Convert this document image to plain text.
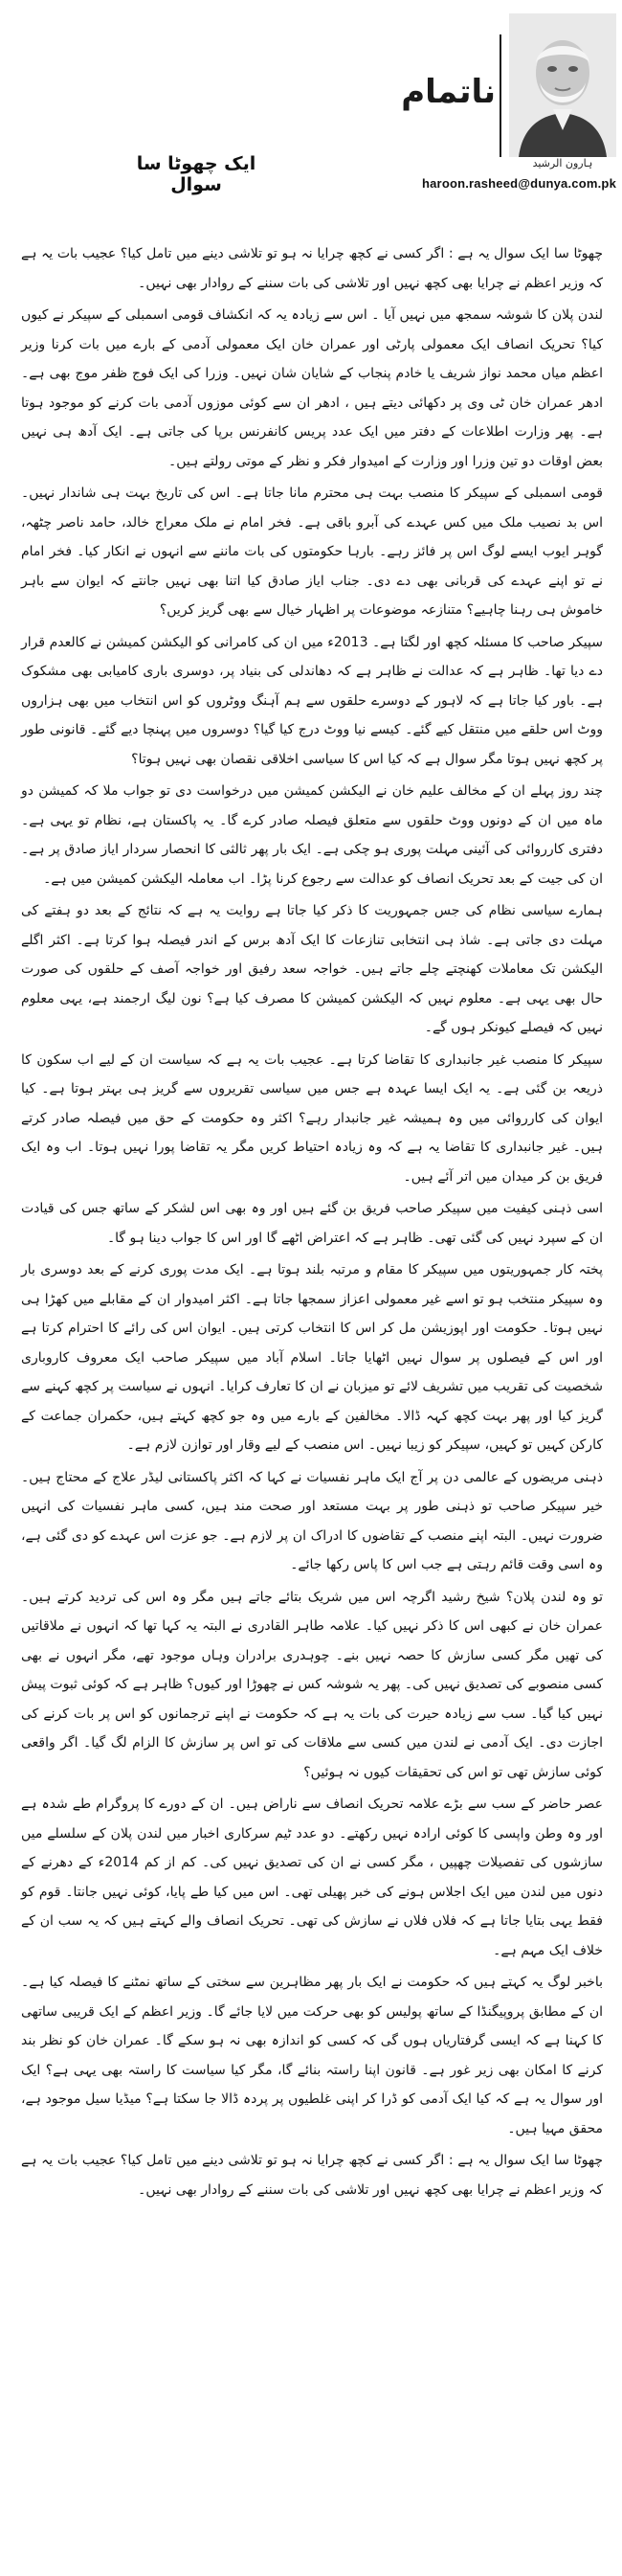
ناتمام
ہارون الرشید
haroon.rasheed@dunya.com.pk
ایک چھوٹا سا سوال

چھوٹا سا ایک سوال یہ ہے : اگر کسی نے کچھ چرایا نہ ہو تو تلاشی دینے میں تامل کیا؟ عجیب بات یہ ہے کہ وزیر اعظم نے چرایا بھی کچھ نہیں اور تلاشی کی بات سننے کے روادار بھی نہیں۔

لندن پلان کا شوشہ سمجھ میں نہیں آیا ۔ اس سے زیادہ یہ کہ انکشاف قومی اسمبلی کے سپیکر نے کیوں کیا؟ تحریک انصاف ایک معمولی پارٹی اور عمران خان ایک معمولی آدمی کے بارے میں بات کرنا وزیر اعظم میاں محمد نواز شریف یا خادم پنجاب کے شایان شان نہیں۔ وزرا کی ایک فوج ظفر موج بھی ہے۔ ادھر عمران خان ٹی وی پر دکھائی دیتے ہیں ، ادھر ان سے کوئی موزوں آدمی بات کرنے کو موجود ہوتا ہے۔ پھر وزارت اطلاعات کے دفتر میں ایک عدد پریس کانفرنس برپا کی جاتی ہے۔ ایک آدھ ہی نہیں بعض اوقات دو تین وزرا اور وزارت کے امیدوار فکر و نظر کے موتی رولتے ہیں۔

قومی اسمبلی کے سپیکر کا منصب بہت ہی محترم مانا جاتا ہے۔ اس کی تاریخ بہت ہی شاندار نہیں۔ اس بد نصیب ملک میں کس عہدے کی آبرو باقی ہے۔ فخر امام نے ملک معراج خالد، حامد ناصر چٹھہ، گوہر ایوب ایسے لوگ اس پر فائز رہے۔ بارہا حکومتوں کی بات ماننے سے انہوں نے انکار کیا۔ فخر امام نے تو اپنے عہدے کی قربانی بھی دے دی۔ جناب ایاز صادق کیا اتنا بھی نہیں جانتے کہ ایوان سے باہر خاموش ہی رہنا چاہیے؟ متنازعہ موضوعات پر اظہار خیال سے بھی گریز کریں؟

سپیکر صاحب کا مسئلہ کچھ اور لگتا ہے۔ 2013ء میں ان کی کامرانی کو الیکشن کمیشن نے کالعدم قرار دے دیا تھا۔ ظاہر ہے کہ عدالت نے ظاہر ہے کہ دھاندلی کی بنیاد پر، دوسری باری کامیابی بھی مشکوک ہے۔ باور کیا جاتا ہے کہ لاہور کے دوسرے حلقوں سے ہم آہنگ ووٹروں کو اس انتخاب میں بھی ہزاروں ووٹ اس حلقے میں منتقل کیے گئے۔ کیسے نیا ووٹ درج کیا گیا؟ دوسروں میں پہنچا دیے گئے۔ قانونی طور پر کچھ نہیں ہوتا مگر سوال ہے کہ کیا اس کا سیاسی اخلاقی نقصان بھی نہیں ہوتا؟

چند روز پہلے ان کے مخالف علیم خان نے الیکشن کمیشن میں درخواست دی تو جواب ملا کہ کمیشن دو ماہ میں ان کے دونوں ووٹ حلقوں سے متعلق فیصلہ صادر کرے گا۔ یہ پاکستان ہے، نظام تو یہی ہے۔ دفتری کارروائی کی آئینی مہلت پوری ہو چکی ہے۔ ایک بار پھر ثالثی کا انحصار سردار ایاز صادق پر ہے۔ ان کی جیت کے بعد تحریک انصاف کو عدالت سے رجوع کرنا پڑا۔ اب معاملہ الیکشن کمیشن میں ہے۔

ہمارے سیاسی نظام کی جس جمہوریت کا ذکر کیا جاتا ہے روایت یہ ہے کہ نتائج کے بعد دو ہفتے کی مہلت دی جاتی ہے۔ شاذ ہی انتخابی تنازعات کا ایک آدھ برس کے اندر فیصلہ ہوا کرتا ہے۔ اکثر اگلے الیکشن تک معاملات کھنچتے چلے جاتے ہیں۔ خواجہ سعد رفیق اور خواجہ آصف کے حلقوں کی صورت حال بھی یہی ہے۔ معلوم نہیں کہ الیکشن کمیشن کا مصرف کیا ہے؟ نون لیگ ارجمند ہے، یہی معلوم نہیں کہ فیصلے کیونکر ہوں گے۔

سپیکر کا منصب غیر جانبداری کا تقاضا کرتا ہے۔ عجیب بات یہ ہے کہ سیاست ان کے لیے اب سکون کا ذریعہ بن گئی ہے۔ یہ ایک ایسا عہدہ ہے جس میں سیاسی تقریروں سے گریز ہی بہتر ہوتا ہے۔ کیا ایوان کی کارروائی میں وہ ہمیشہ غیر جانبدار رہے؟ اکثر وہ حکومت کے حق میں فیصلہ صادر کرتے ہیں۔ غیر جانبداری کا تقاضا یہ ہے کہ وہ زیادہ احتیاط کریں مگر یہ تقاضا پورا نہیں ہوتا۔ اب وہ ایک فریق بن کر میدان میں اتر آئے ہیں۔

اسی ذہنی کیفیت میں سپیکر صاحب فریق بن گئے ہیں اور وہ بھی اس لشکر کے ساتھ جس کی قیادت ان کے سپرد نہیں کی گئی تھی۔ ظاہر ہے کہ اعتراض اٹھے گا اور اس کا جواب دینا ہو گا۔

پختہ کار جمہوریتوں میں سپیکر کا مقام و مرتبہ بلند ہوتا ہے۔ ایک مدت پوری کرنے کے بعد دوسری بار وہ سپیکر منتخب ہو تو اسے غیر معمولی اعزاز سمجھا جاتا ہے۔ اکثر امیدوار ان کے مقابلے میں کھڑا ہی نہیں ہوتا۔ حکومت اور اپوزیشن مل کر اس کا انتخاب کرتی ہیں۔ ایوان اس کی رائے کا احترام کرتا ہے اور اس کے فیصلوں پر سوال نہیں اٹھایا جاتا۔ اسلام آباد میں سپیکر صاحب ایک معروف کاروباری شخصیت کی تقریب میں تشریف لائے تو میزبان نے ان کا تعارف کرایا۔ انہوں نے سیاست پر کچھ کہنے سے گریز کیا اور پھر بہت کچھ کہہ ڈالا۔ مخالفین کے بارے میں وہ جو کچھ کہتے ہیں، حکمران جماعت کے کارکن کہیں تو کہیں، سپیکر کو زیبا نہیں۔ اس منصب کے لیے وقار اور توازن لازم ہے۔

ذہنی مریضوں کے عالمی دن پر آج ایک ماہر نفسیات نے کہا کہ اکثر پاکستانی لیڈر علاج کے محتاج ہیں۔ خیر سپیکر صاحب تو ذہنی طور پر بہت مستعد اور صحت مند ہیں، کسی ماہر نفسیات کی انہیں ضرورت نہیں۔ البتہ اپنے منصب کے تقاضوں کا ادراک ان پر لازم ہے۔ جو عزت اس عہدے کو دی گئی ہے، وہ اسی وقت قائم رہتی ہے جب اس کا پاس رکھا جائے۔

تو وہ لندن پلان؟ شیخ رشید اگرچہ اس میں شریک بتائے جاتے ہیں مگر وہ اس کی تردید کرتے ہیں۔ عمران خان نے کبھی اس کا ذکر نہیں کیا۔ علامہ طاہر القادری نے البتہ یہ کہا تھا کہ انہوں نے ملاقاتیں کی تھیں مگر کسی سازش کا حصہ نہیں بنے۔ چوہدری برادران وہاں موجود تھے، مگر انہوں نے بھی کسی منصوبے کی تصدیق نہیں کی۔ پھر یہ شوشہ کس نے چھوڑا اور کیوں؟ ظاہر ہے کہ کوئی ثبوت پیش نہیں کیا گیا۔ سب سے زیادہ حیرت کی بات یہ ہے کہ حکومت نے اپنے ترجمانوں کو اس پر بات کرنے کی اجازت دی۔ ایک آدمی نے لندن میں کسی سے ملاقات کی تو اس پر سازش کا الزام لگ گیا۔ اگر واقعی کوئی سازش تھی تو اس کی تحقیقات کیوں نہ ہوئیں؟

عصر حاضر کے سب سے بڑے علامہ تحریک انصاف سے ناراض ہیں۔ ان کے دورے کا پروگرام طے شدہ ہے اور وہ وطن واپسی کا کوئی ارادہ نہیں رکھتے۔ دو عدد ٹیم سرکاری اخبار میں لندن پلان کے سلسلے میں سازشوں کی تفصیلات چھپیں ، مگر کسی نے ان کی تصدیق نہیں کی۔ کم از کم 2014ء کے دھرنے کے دنوں میں لندن میں ایک اجلاس ہونے کی خبر پھیلی تھی۔ اس میں کیا طے پایا، کوئی نہیں جانتا۔ قوم کو فقط یہی بتایا جاتا ہے کہ فلاں فلاں نے سازش کی تھی۔ تحریک انصاف والے کہتے ہیں کہ یہ سب ان کے خلاف ایک مہم ہے۔

باخبر لوگ یہ کہتے ہیں کہ حکومت نے ایک بار پھر مظاہرین سے سختی کے ساتھ نمٹنے کا فیصلہ کیا ہے۔ ان کے مطابق پروپیگنڈا کے ساتھ پولیس کو بھی حرکت میں لایا جائے گا۔ وزیر اعظم کے ایک قریبی ساتھی کا کہنا ہے کہ ایسی گرفتاریاں ہوں گی کہ کسی کو اندازہ بھی نہ ہو سکے گا۔ عمران خان کو نظر بند کرنے کا امکان بھی زیر غور ہے۔ قانون اپنا راستہ بنائے گا، مگر کیا سیاست کا راستہ بھی یہی ہے؟ ایک اور سوال یہ ہے کہ کیا ایک آدمی کو ڈرا کر اپنی غلطیوں پر پردہ ڈالا جا سکتا ہے؟ میڈیا سیل موجود ہے، محقق مہیا ہیں۔

چھوٹا سا ایک سوال یہ ہے : اگر کسی نے کچھ چرایا نہ ہو تو تلاشی دینے میں تامل کیا؟ عجیب بات یہ ہے کہ وزیر اعظم نے چرایا بھی کچھ نہیں اور تلاشی کی بات سننے کے روادار بھی نہیں۔
